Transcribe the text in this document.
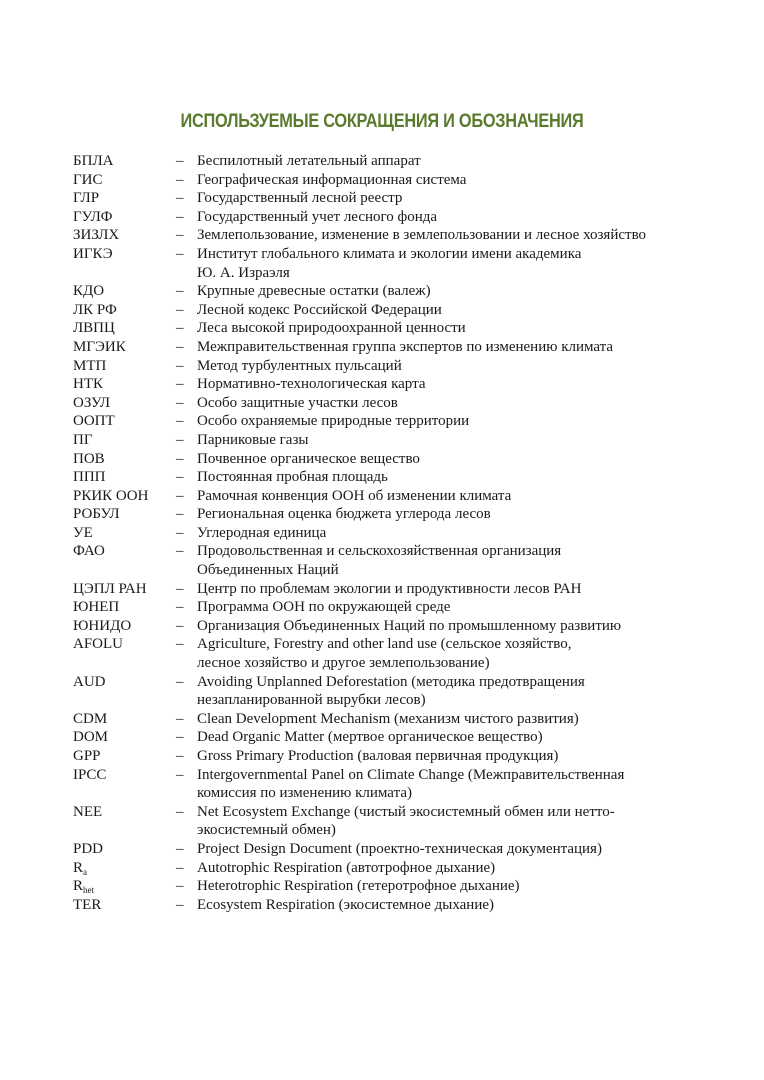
ИСПОЛЬЗУЕМЫЕ СОКРАЩЕНИЯ И ОБОЗНАЧЕНИЯ
БПЛА	– Беспилотный летательный аппарат
ГИС	– Географическая информационная система
ГЛР	– Государственный лесной реестр
ГУЛФ	– Государственный учет лесного фонда
ЗИЗЛХ	– Землепользование, изменение в землепользовании и лесное хозяйство
ИГКЭ	– Институт глобального климата и экологии имени академика
Ю. А. Израэля
КДО	– Крупные древесные остатки (валеж)
ЛК РФ	– Лесной кодекс Российской Федерации
ЛВПЦ	– Леса высокой природоохранной ценности
МГЭИК	– Межправительственная группа экспертов по изменению климата
МТП	– Метод турбулентных пульсаций
НТК	– Нормативно-технологическая карта
ОЗУЛ	– Особо защитные участки лесов
ООПТ	– Особо охраняемые природные территории
ПГ	– Парниковые газы
ПОВ	– Почвенное органическое вещество
ППП	– Постоянная пробная площадь
РКИК ООН	– Рамочная конвенция ООН об изменении климата
РОБУЛ	– Региональная оценка бюджета углерода лесов
УЕ	– Углеродная единица
ФАО	– Продовольственная и сельскохозяйственная организация
Объединенных Наций
ЦЭПЛ РАН	– Центр по проблемам экологии и продуктивности лесов РАН
ЮНЕП	– Программа ООН по окружающей среде
ЮНИДО	– Организация Объединенных Наций по промышленному развитию
AFOLU	– Agriculture, Forestry and other land use (сельское хозяйство,
лесное хозяйство и другое землепользование)
AUD	– Avoiding Unplanned Deforestation (методика предотвращения
незапланированной вырубки лесов)
CDM	– Clean Development Mechanism (механизм чистого развития)
DOM	– Dead Organic Matter (мертвое органическое вещество)
GPP	– Gross Primary Production (валовая первичная продукция)
IPCC	– Intergovernmental Panel on Climate Change (Межправительственная
комиссия по изменению климата)
NEE	– Net Ecosystem Exchange (чистый экосистемный обмен или нетто-
экосистемный обмен)
PDD	– Project Design Document (проектно-техническая документация)
$R_a$	– Autotrophic Respiration (автотрофное дыхание)
$R_{het}$	– Heterotrophic Respiration (гетеротрофное дыхание)
TER	– Ecosystem Respiration (экосистемное дыхание)
